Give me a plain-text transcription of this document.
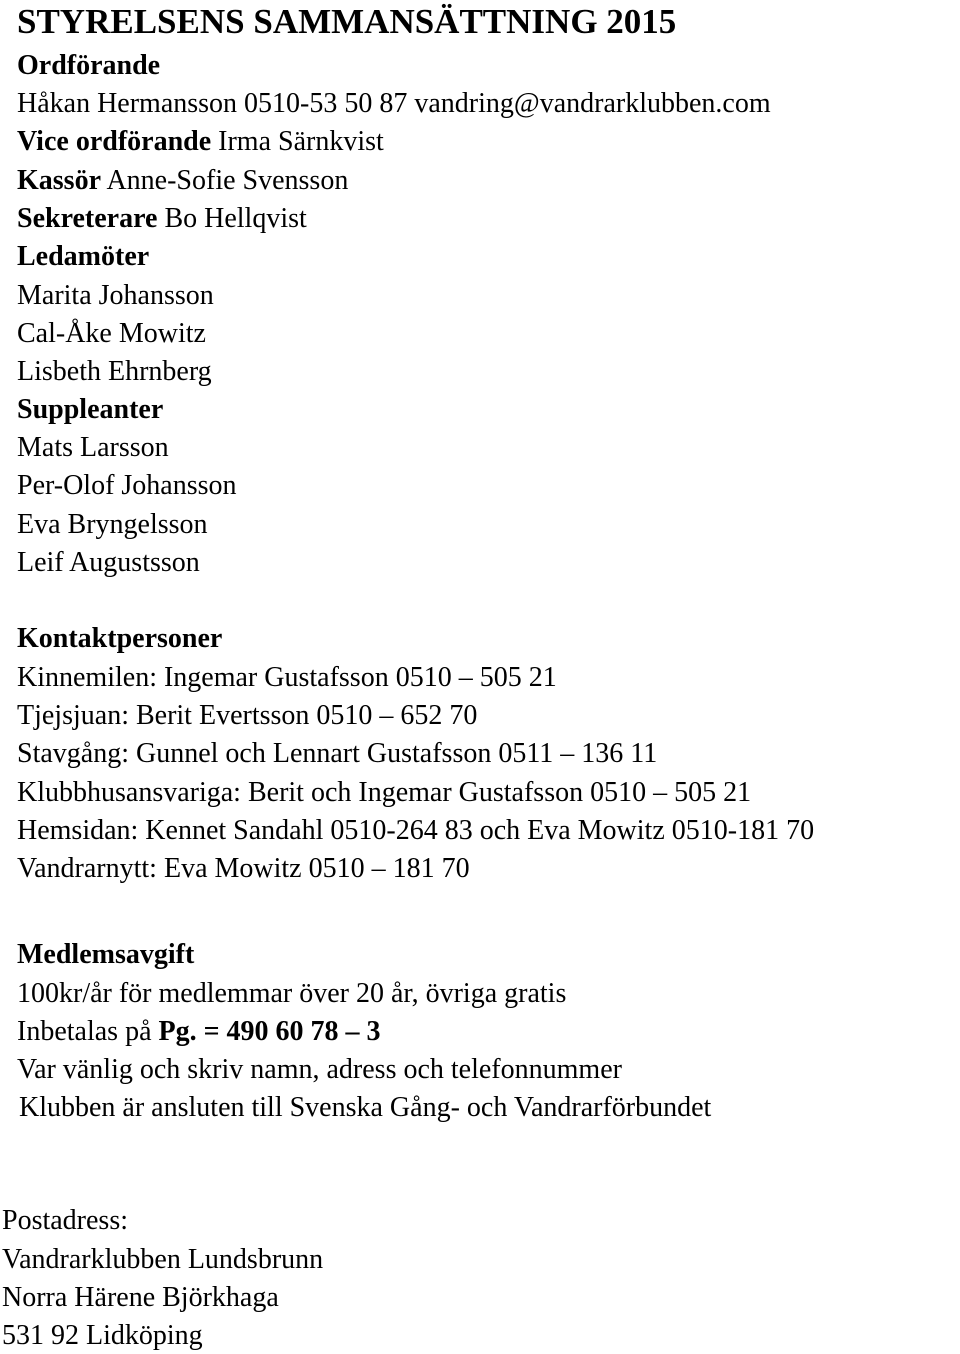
STYRELSENS SAMMANSÄTTNING 2015
Ordförande
Håkan Hermansson 0510-53 50 87 vandring@vandrarklubben.com
Vice ordförande Irma Särnkvist
Kassör Anne-Sofie Svensson
Sekreterare Bo Hellqvist
Ledamöter
Marita Johansson
Cal-Åke Mowitz
Lisbeth Ehrnberg
Suppleanter
Mats Larsson
Per-Olof Johansson
Eva Bryngelsson
Leif Augustsson
Kontaktpersoner
Kinnemilen: Ingemar Gustafsson 0510 – 505 21
Tjejsjuan: Berit Evertsson 0510 – 652 70
Stavgång: Gunnel och Lennart Gustafsson 0511 – 136 11
Klubbhusansvariga: Berit och Ingemar Gustafsson 0510 – 505 21
Hemsidan: Kennet Sandahl 0510-264 83 och Eva Mowitz 0510-181 70
Vandrarnytt: Eva Mowitz 0510 – 181 70
Medlemsavgift
100kr/år för medlemmar över 20 år, övriga gratis
Inbetalas på Pg. = 490 60 78 – 3
Var vänlig och skriv namn, adress och telefonnummer
Klubben är ansluten till Svenska Gång- och Vandrarförbundet
Postadress:
Vandrarklubben Lundsbrunn
Norra Härene Björkhaga
531 92 Lidköping
